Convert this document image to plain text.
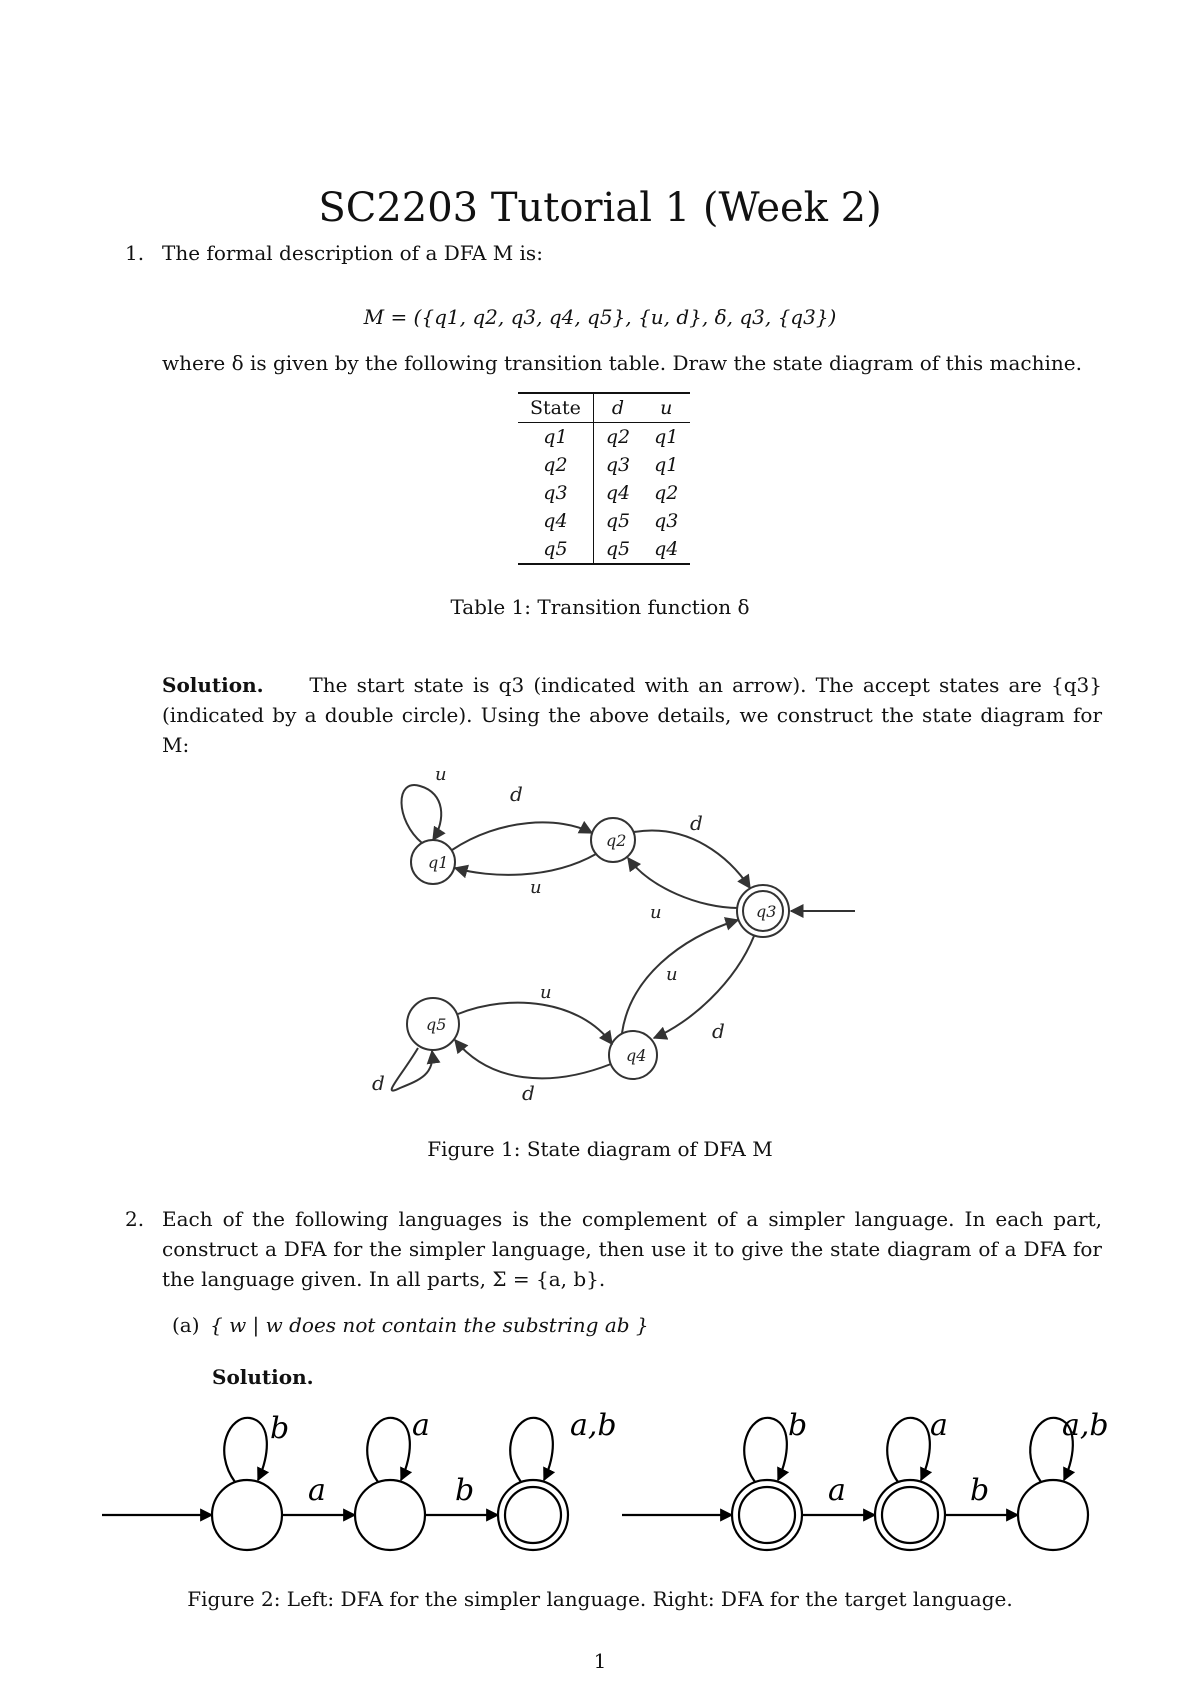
SC2203 Tutorial 1 (Week 2)
1. The formal description of a DFA M is:
M = ({q1, q2, q3, q4, q5}, {u, d}, δ, q3, {q3})
where δ is given by the following transition table. Draw the state diagram of this machine.
State	d	u
q1	q2	q1
q2	q3	q1
q3	q4	q2
q4	q5	q3
q5	q5	q4
Table 1: Transition function δ
Solution. The start state is q3 (indicated with an arrow). The accept states are {q3} (indicated by a double circle). Using the above details, we construct the state diagram for M:
q1
q2
q3
q4
q5
u
d
u
d
u
u
d
u
d
d
Figure 1: State diagram of DFA M
2. Each of the following languages is the complement of a simpler language. In each part, construct a DFA for the simpler language, then use it to give the state diagram of a DFA for the language given. In all parts, Σ = {a, b}.
(a) { w | w does not contain the substring ab }
Solution.
b
a
a
b
a,b	b
a
a
b
a,b
Figure 2: Left: DFA for the simpler language. Right: DFA for the target language.
1
